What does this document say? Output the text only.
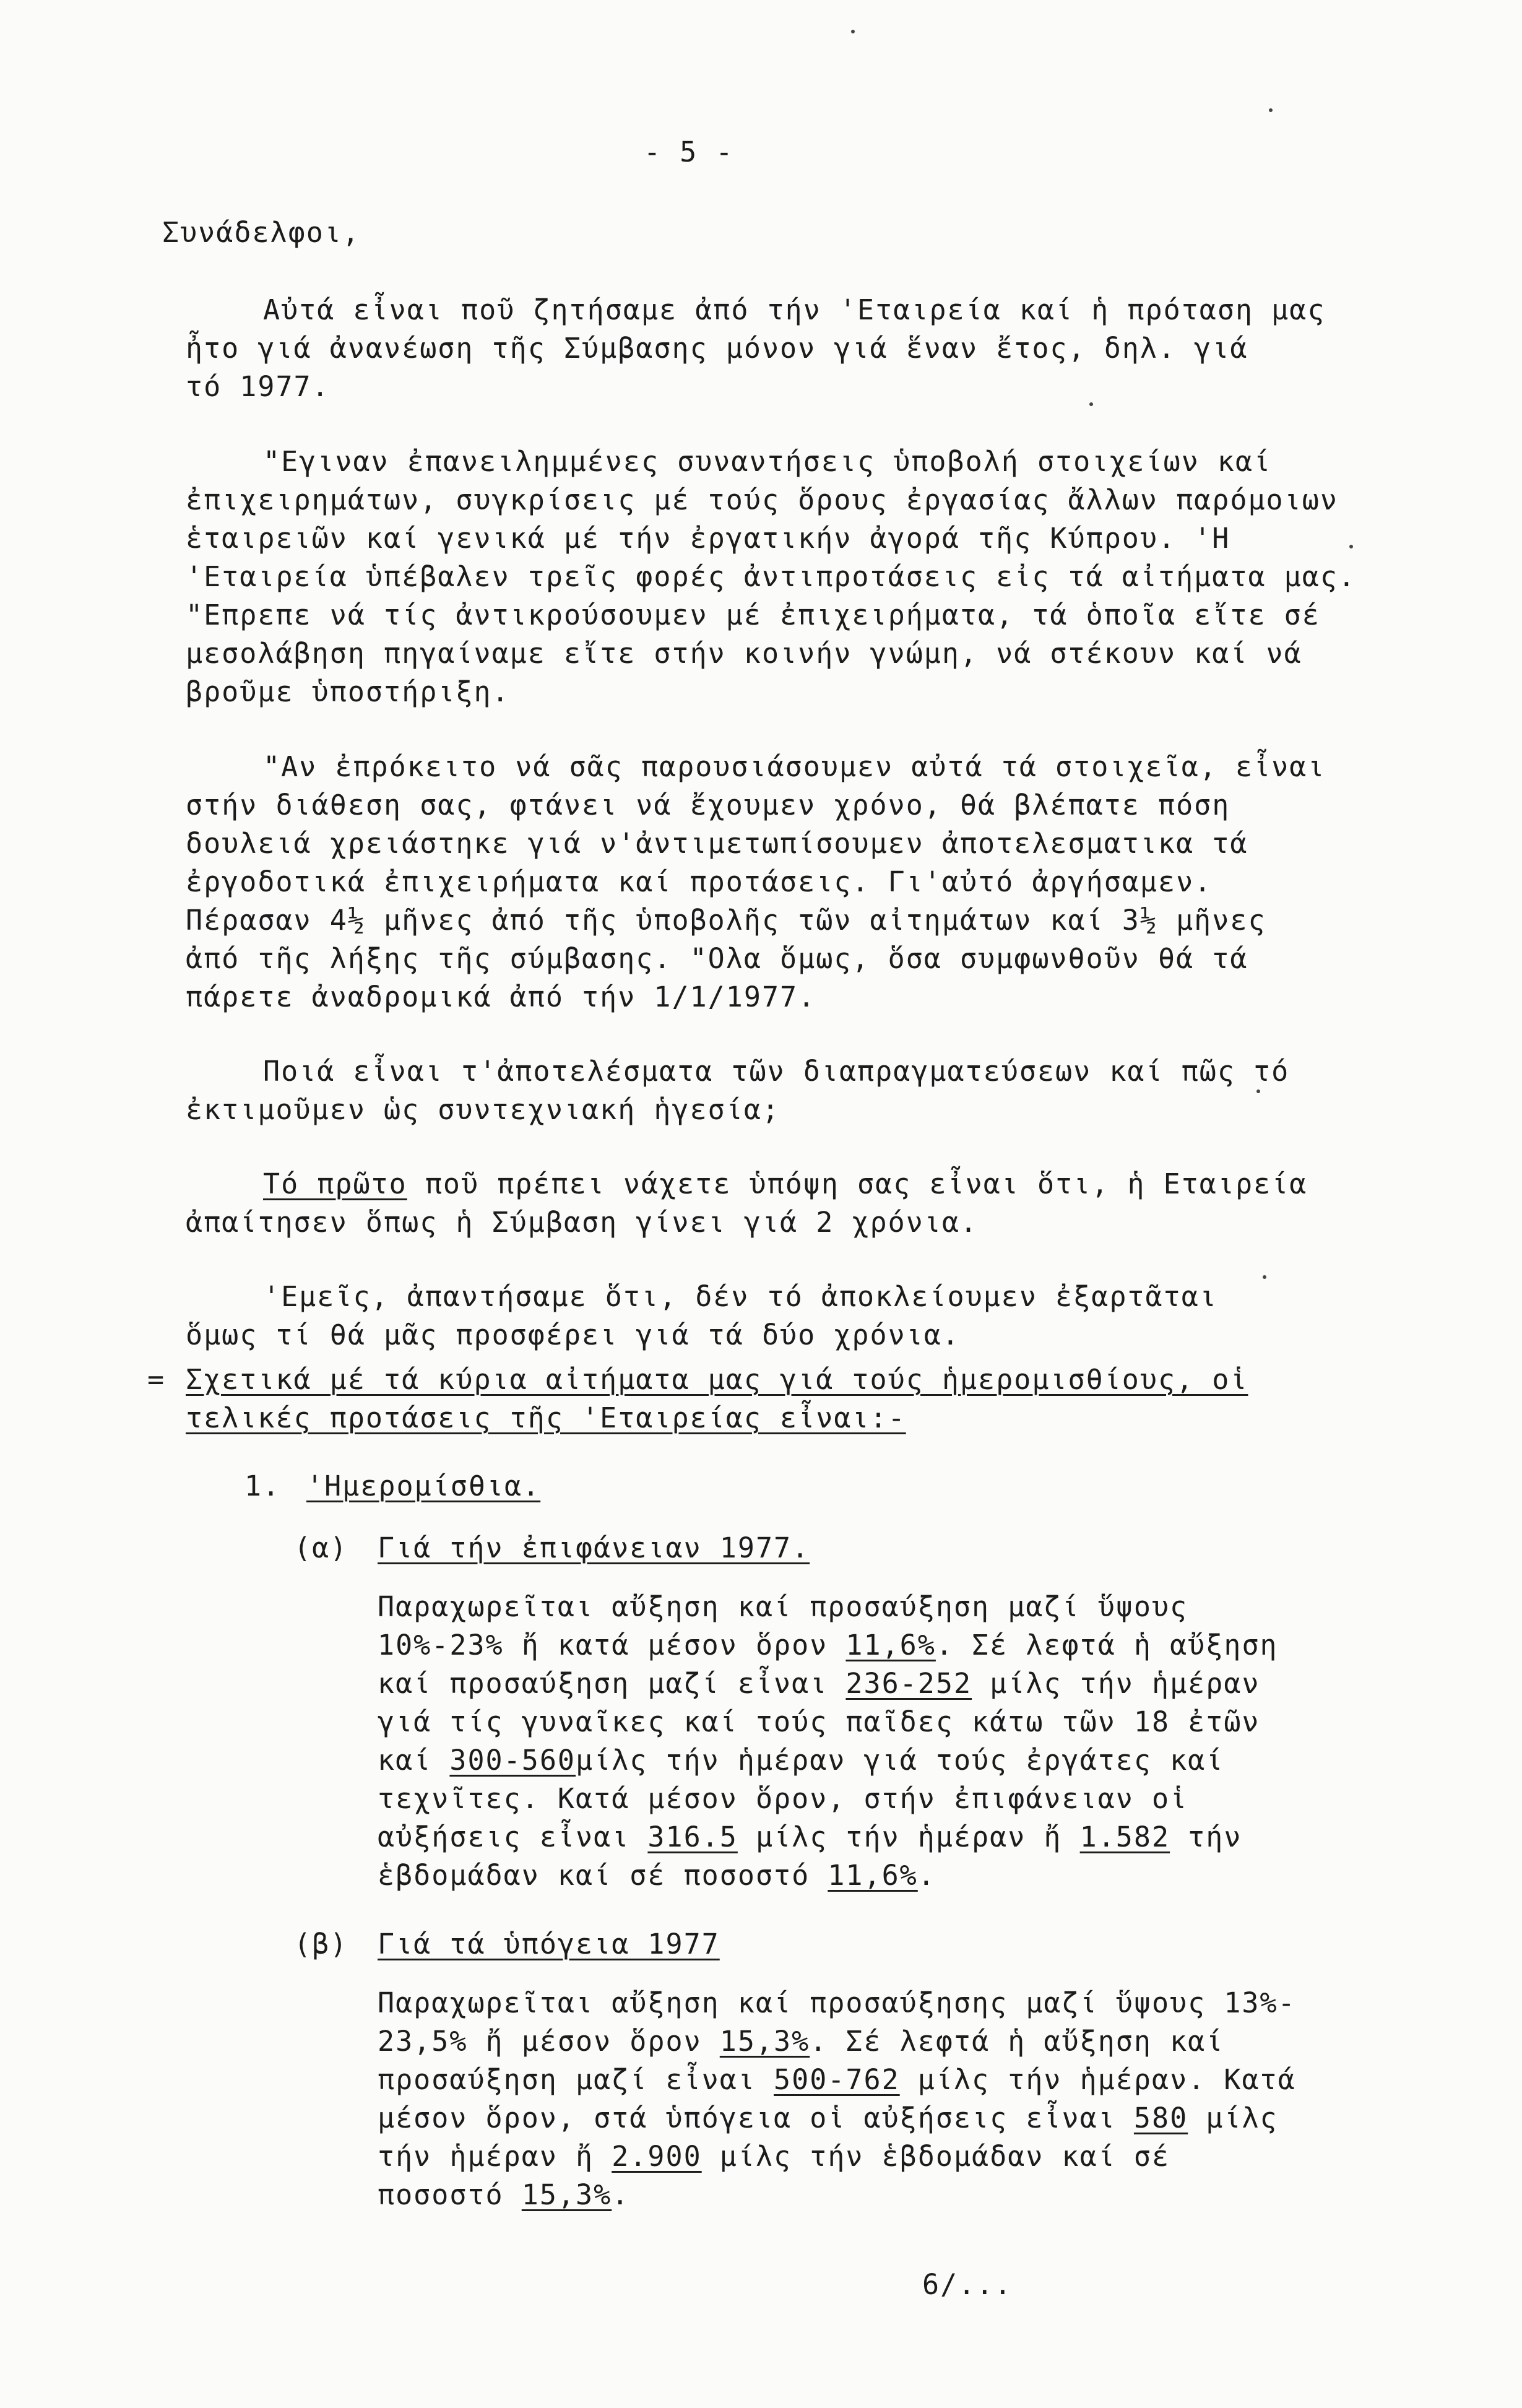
- 5 -
Συνάδελφοι,
Αὐτά εἶναι ποῦ ζητήσαμε ἀπό τήν 'Εταιρεία καί ἡ πρόταση μας
ἦτο γιά ἀνανέωση τῆς Σύμβασης μόνον γιά ἕναν ἔτος, δηλ. γιά
τό 1977.
"Εγιναν ἐπανειλημμένες συναντήσεις ὑποβολή στοιχείων καί
ἐπιχειρημάτων, συγκρίσεις μέ τούς ὅρους ἐργασίας ἄλλων παρόμοιων
ἑταιρειῶν καί γενικά μέ τήν ἐργατικήν ἀγορά τῆς Κύπρου. 'Η
'Εταιρεία ὑπέβαλεν τρεῖς φορές ἀντιπροτάσεις εἰς τά αἰτήματα μας.
"Επρεπε νά τίς ἀντικρούσουμεν μέ ἐπιχειρήματα, τά ὁποῖα εἴτε σέ
μεσολάβηση πηγαίναμε εἴτε στήν κοινήν γνώμη, νά στέκουν καί νά
βροῦμε ὑποστήριξη.
"Αν ἐπρόκειτο νά σᾶς παρουσιάσουμεν αὐτά τά στοιχεῖα, εἶναι
στήν διάθεση σας, φτάνει νά ἔχουμεν χρόνο, θά βλέπατε πόση
δουλειά χρειάστηκε γιά ν'ἀντιμετωπίσουμεν ἀποτελεσματικα τά
ἐργοδοτικά ἐπιχειρήματα καί προτάσεις. Γι'αὐτό ἀργήσαμεν.
Πέρασαν 4½ μῆνες ἀπό τῆς ὑποβολῆς τῶν αἰτημάτων καί 3½ μῆνες
ἀπό τῆς λήξης τῆς σύμβασης. "Ολα ὅμως, ὅσα συμφωνθοῦν θά τά
πάρετε ἀναδρομικά ἀπό τήν 1/1/1977.
Ποιά εἶναι τ'ἀποτελέσματα τῶν διαπραγματεύσεων καί πῶς τό
ἐκτιμοῦμεν ὡς συντεχνιακή ἡγεσία;
Τό πρῶτο ποῦ πρέπει νάχετε ὑπόψη σας εἶναι ὅτι, ἡ Εταιρεία
ἀπαίτησεν ὅπως ἡ Σύμβαση γίνει γιά 2 χρόνια.
'Εμεῖς, ἀπαντήσαμε ὅτι, δέν τό ἀποκλείουμεν ἐξαρτᾶται
ὅμως τί θά μᾶς προσφέρει γιά τά δύο χρόνια.
= Σχετικά μέ τά κύρια αἰτήματα μας γιά τούς ἡμερομισθίους, οἱ
τελικές προτάσεις τῆς 'Εταιρείας εἶναι:-
1. 'Ημερομίσθια.
(α) Γιά τήν ἐπιφάνειαν 1977.
Παραχωρεῖται αὔξηση καί προσαύξηση μαζί ὕψους
10%-23% ἤ κατά μέσον ὅρον 11,6%. Σέ λεφτά ἡ αὔξηση
καί προσαύξηση μαζί εἶναι 236-252 μίλς τήν ἡμέραν
γιά τίς γυναῖκες καί τούς παῖδες κάτω τῶν 18 ἐτῶν
καί 300-560μίλς τήν ἡμέραν γιά τούς ἐργάτες καί
τεχνῖτες. Κατά μέσον ὅρον, στήν ἐπιφάνειαν οἱ
αὐξήσεις εἶναι 316.5 μίλς τήν ἡμέραν ἤ 1.582 τήν
ἑβδομάδαν καί σέ ποσοστό 11,6%.
(β) Γιά τά ὑπόγεια 1977
Παραχωρεῖται αὔξηση καί προσαύξησης μαζί ὕψους 13%-
23,5% ἤ μέσον ὅρον 15,3%. Σέ λεφτά ἡ αὔξηση καί
προσαύξηση μαζί εἶναι 500-762 μίλς τήν ἡμέραν. Κατά
μέσον ὅρον, στά ὑπόγεια οἱ αὐξήσεις εἶναι 580 μίλς
τήν ἡμέραν ἤ 2.900 μίλς τήν ἑβδομάδαν καί σέ
ποσοστό 15,3%.
6/...
